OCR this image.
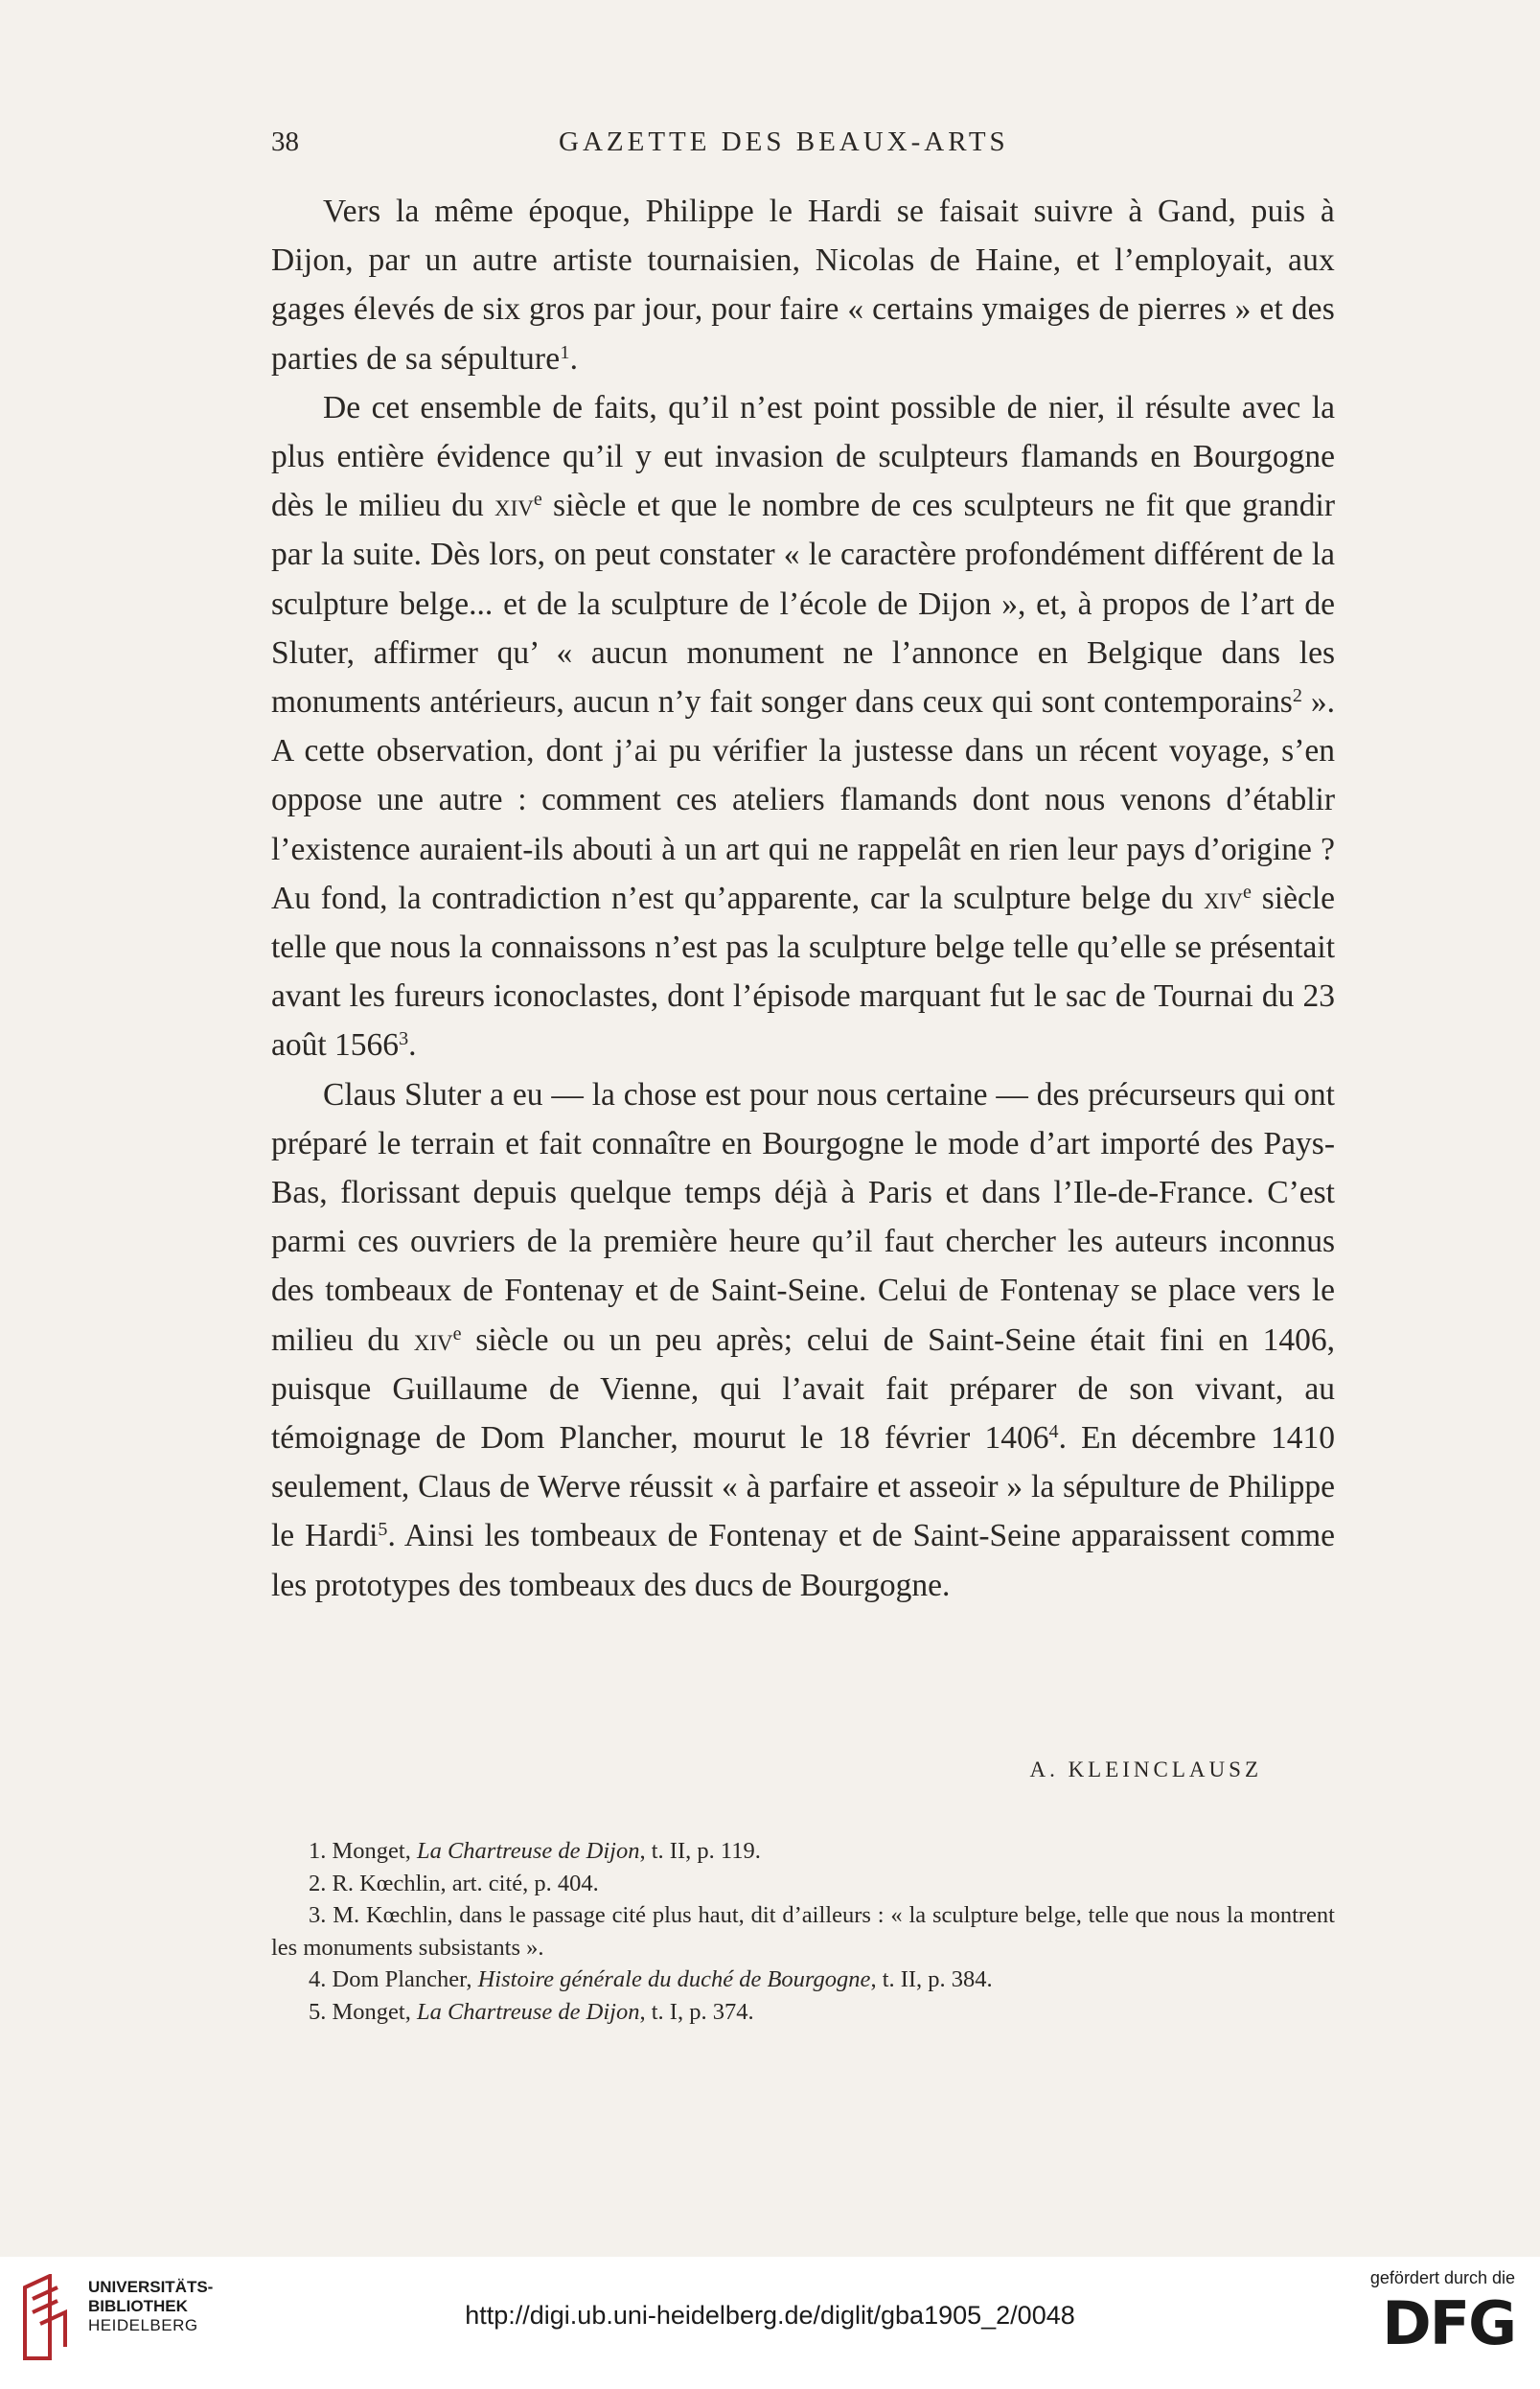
38	GAZETTE DES BEAUX-ARTS

Vers la même époque, Philippe le Hardi se faisait suivre à Gand, puis à Dijon, par un autre artiste tournaisien, Nicolas de Haine, et l’employait, aux gages élevés de six gros par jour, pour faire « certains ymaiges de pierres » et des parties de sa sépulture$^1$.

De cet ensemble de faits, qu’il n’est point possible de nier, il résulte avec la plus entière évidence qu’il y eut invasion de sculpteurs flamands en Bourgogne dès le milieu du xiv$^e$ siècle et que le nombre de ces sculpteurs ne fit que grandir par la suite. Dès lors, on peut constater « le caractère profondément différent de la sculpture belge... et de la sculpture de l’école de Dijon », et, à propos de l’art de Sluter, affirmer qu’ « aucun monument ne l’annonce en Belgique dans les monuments antérieurs, aucun n’y fait songer dans ceux qui sont contemporains$^2$ ». A cette observation, dont j’ai pu vérifier la justesse dans un récent voyage, s’en oppose une autre : comment ces ateliers flamands dont nous venons d’établir l’existence auraient-ils abouti à un art qui ne rappelât en rien leur pays d’origine ? Au fond, la contradiction n’est qu’apparente, car la sculpture belge du xiv$^e$ siècle telle que nous la connaissons n’est pas la sculpture belge telle qu’elle se présentait avant les fureurs iconoclastes, dont l’épisode marquant fut le sac de Tournai du 23 août 1566$^3$.

Claus Sluter a eu — la chose est pour nous certaine — des précurseurs qui ont préparé le terrain et fait connaître en Bourgogne le mode d’art importé des Pays-Bas, florissant depuis quelque temps déjà à Paris et dans l’Ile-de-France. C’est parmi ces ouvriers de la première heure qu’il faut chercher les auteurs inconnus des tombeaux de Fontenay et de Saint-Seine. Celui de Fontenay se place vers le milieu du xiv$^e$ siècle ou un peu après; celui de Saint-Seine était fini en 1406, puisque Guillaume de Vienne, qui l’avait fait préparer de son vivant, au témoignage de Dom Plancher, mourut le 18 février 1406$^4$. En décembre 1410 seulement, Claus de Werve réussit « à parfaire et asseoir » la sépulture de Philippe le Hardi$^5$. Ainsi les tombeaux de Fontenay et de Saint-Seine apparaissent comme les prototypes des tombeaux des ducs de Bourgogne.

A. KLEINCLAUSZ

1. Monget, La Chartreuse de Dijon, t. II, p. 119.

2. R. Kœchlin, art. cité, p. 404.

3. M. Kœchlin, dans le passage cité plus haut, dit d’ailleurs : « la sculpture belge, telle que nous la montrent les monuments subsistants ».

4. Dom Plancher, Histoire générale du duché de Bourgogne, t. II, p. 384.

5. Monget, La Chartreuse de Dijon, t. I, p. 374.

UNIVERSITÄTS-
BIBLIOTHEK
HEIDELBERG	http://digi.ub.uni-heidelberg.de/diglit/gba1905_2/0048
gefördert durch die
DFG
